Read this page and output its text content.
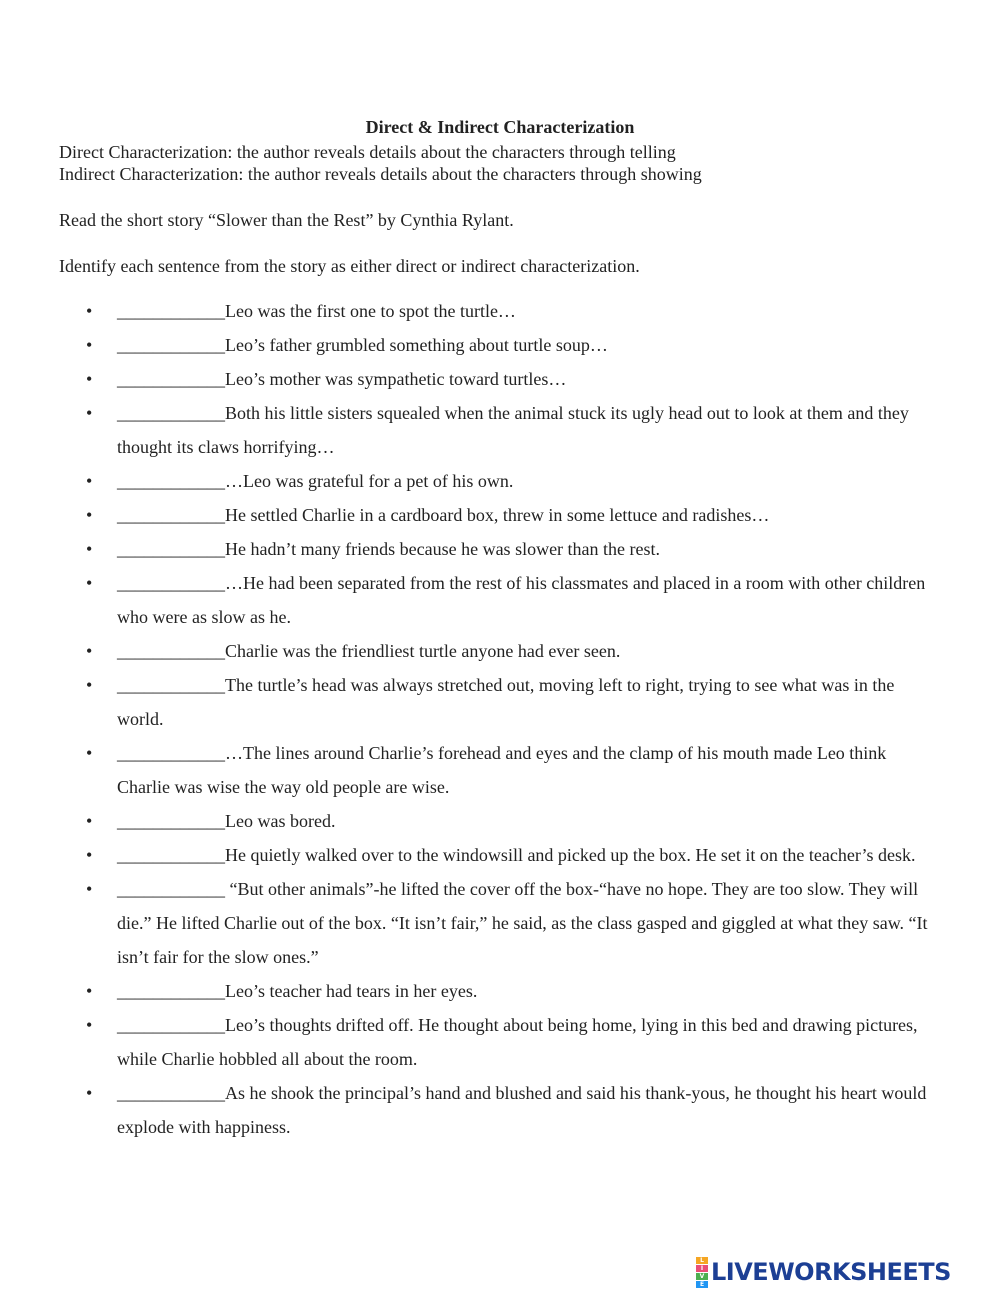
Direct & Indirect Characterization
Direct Characterization: the author reveals details about the characters through telling
Indirect Characterization: the author reveals details about the characters through showing
Read the short story “Slower than the Rest” by Cynthia Rylant.
Identify each sentence from the story as either direct or indirect characterization.
• ____________Leo was the first one to spot the turtle…
• ____________Leo’s father grumbled something about turtle soup…
• ____________Leo’s mother was sympathetic toward turtles…
• ____________Both his little sisters squealed when the animal stuck its ugly head out to look at them and they thought its claws horrifying…
• ____________…Leo was grateful for a pet of his own.
• ____________He settled Charlie in a cardboard box, threw in some lettuce and radishes…
• ____________He hadn’t many friends because he was slower than the rest.
• ____________…He had been separated from the rest of his classmates and placed in a room with other children who were as slow as he.
• ____________Charlie was the friendliest turtle anyone had ever seen.
• ____________The turtle’s head was always stretched out, moving left to right, trying to see what was in the world.
• ____________…The lines around Charlie’s forehead and eyes and the clamp of his mouth made Leo think Charlie was wise the way old people are wise.
• ____________Leo was bored.
• ____________He quietly walked over to the windowsill and picked up the box. He set it on the teacher’s desk.
• ____________ “But other animals”-he lifted the cover off the box-“have no hope. They are too slow. They will die.” He lifted Charlie out of the box. “It isn’t fair,” he said, as the class gasped and giggled at what they saw. “It isn’t fair for the slow ones.”
• ____________Leo’s teacher had tears in her eyes.
• ____________Leo’s thoughts drifted off. He thought about being home, lying in this bed and drawing pictures, while Charlie hobbled all about the room.
• ____________As he shook the principal’s hand and blushed and said his thank-yous, he thought his heart would explode with happiness.
L
I
V
E LIVEWORKSHEETS
